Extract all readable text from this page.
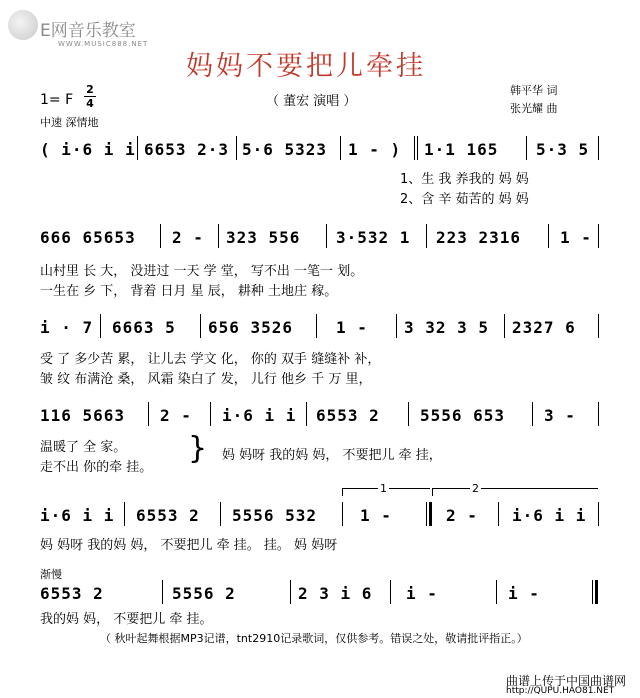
E网音乐教室
WWW.MUSIC888.NET
妈妈不要把儿牵挂
1= F
2
4
中速 深情地
（ 董宏 演唱 ）
韩平华 词
张光耀 曲
( i·6 i i 6653 2·3 5·6 5323 1 - ) 1·1 165 5·3 5
1、生 我 养我的 妈 妈
2、含 辛 茹苦的 妈 妈
666 65653 2 - 323 556 3·532 1 223 2316 1 -
山村里 长 大， 没进过 一天 学 堂， 写不出 一笔一 划。
一生在 乡 下， 背着 日月 星 辰， 耕种 土地庄 稼。
i · 7 6663 5 656 3526	1 - 3 32 3 5 2327 6
受 了 多少苦 累， 让儿去 学文 化， 你的 双手 缝缝补 补，
皱 纹 布满沧 桑， 风霜 染白了 发， 儿行 他乡 千 万 里，
116 5663 2 - i·6 i i 6553 2	5556 653 3 -
温暖了 全 家。
走不出 你的牵 挂。
} 妈 妈呀 我的妈 妈， 不要把儿 牵 挂，
1	2
i·6 i i 6553 2 5556 532	1 -	2 - i·6 i i
妈 妈呀 我的妈 妈， 不要把儿 牵 挂。 挂。 妈 妈呀
渐慢
6553 2	5556 2	2 3 i 6 i -	i -
我的妈 妈， 不要把儿 牵 挂。
（ 秋叶起舞根据MP3记谱，tnt2910记录歌词，仅供参考。错误之处，敬请批评指正。）
曲谱上传于中国曲谱网
http://QUPU.HAO81.NET
